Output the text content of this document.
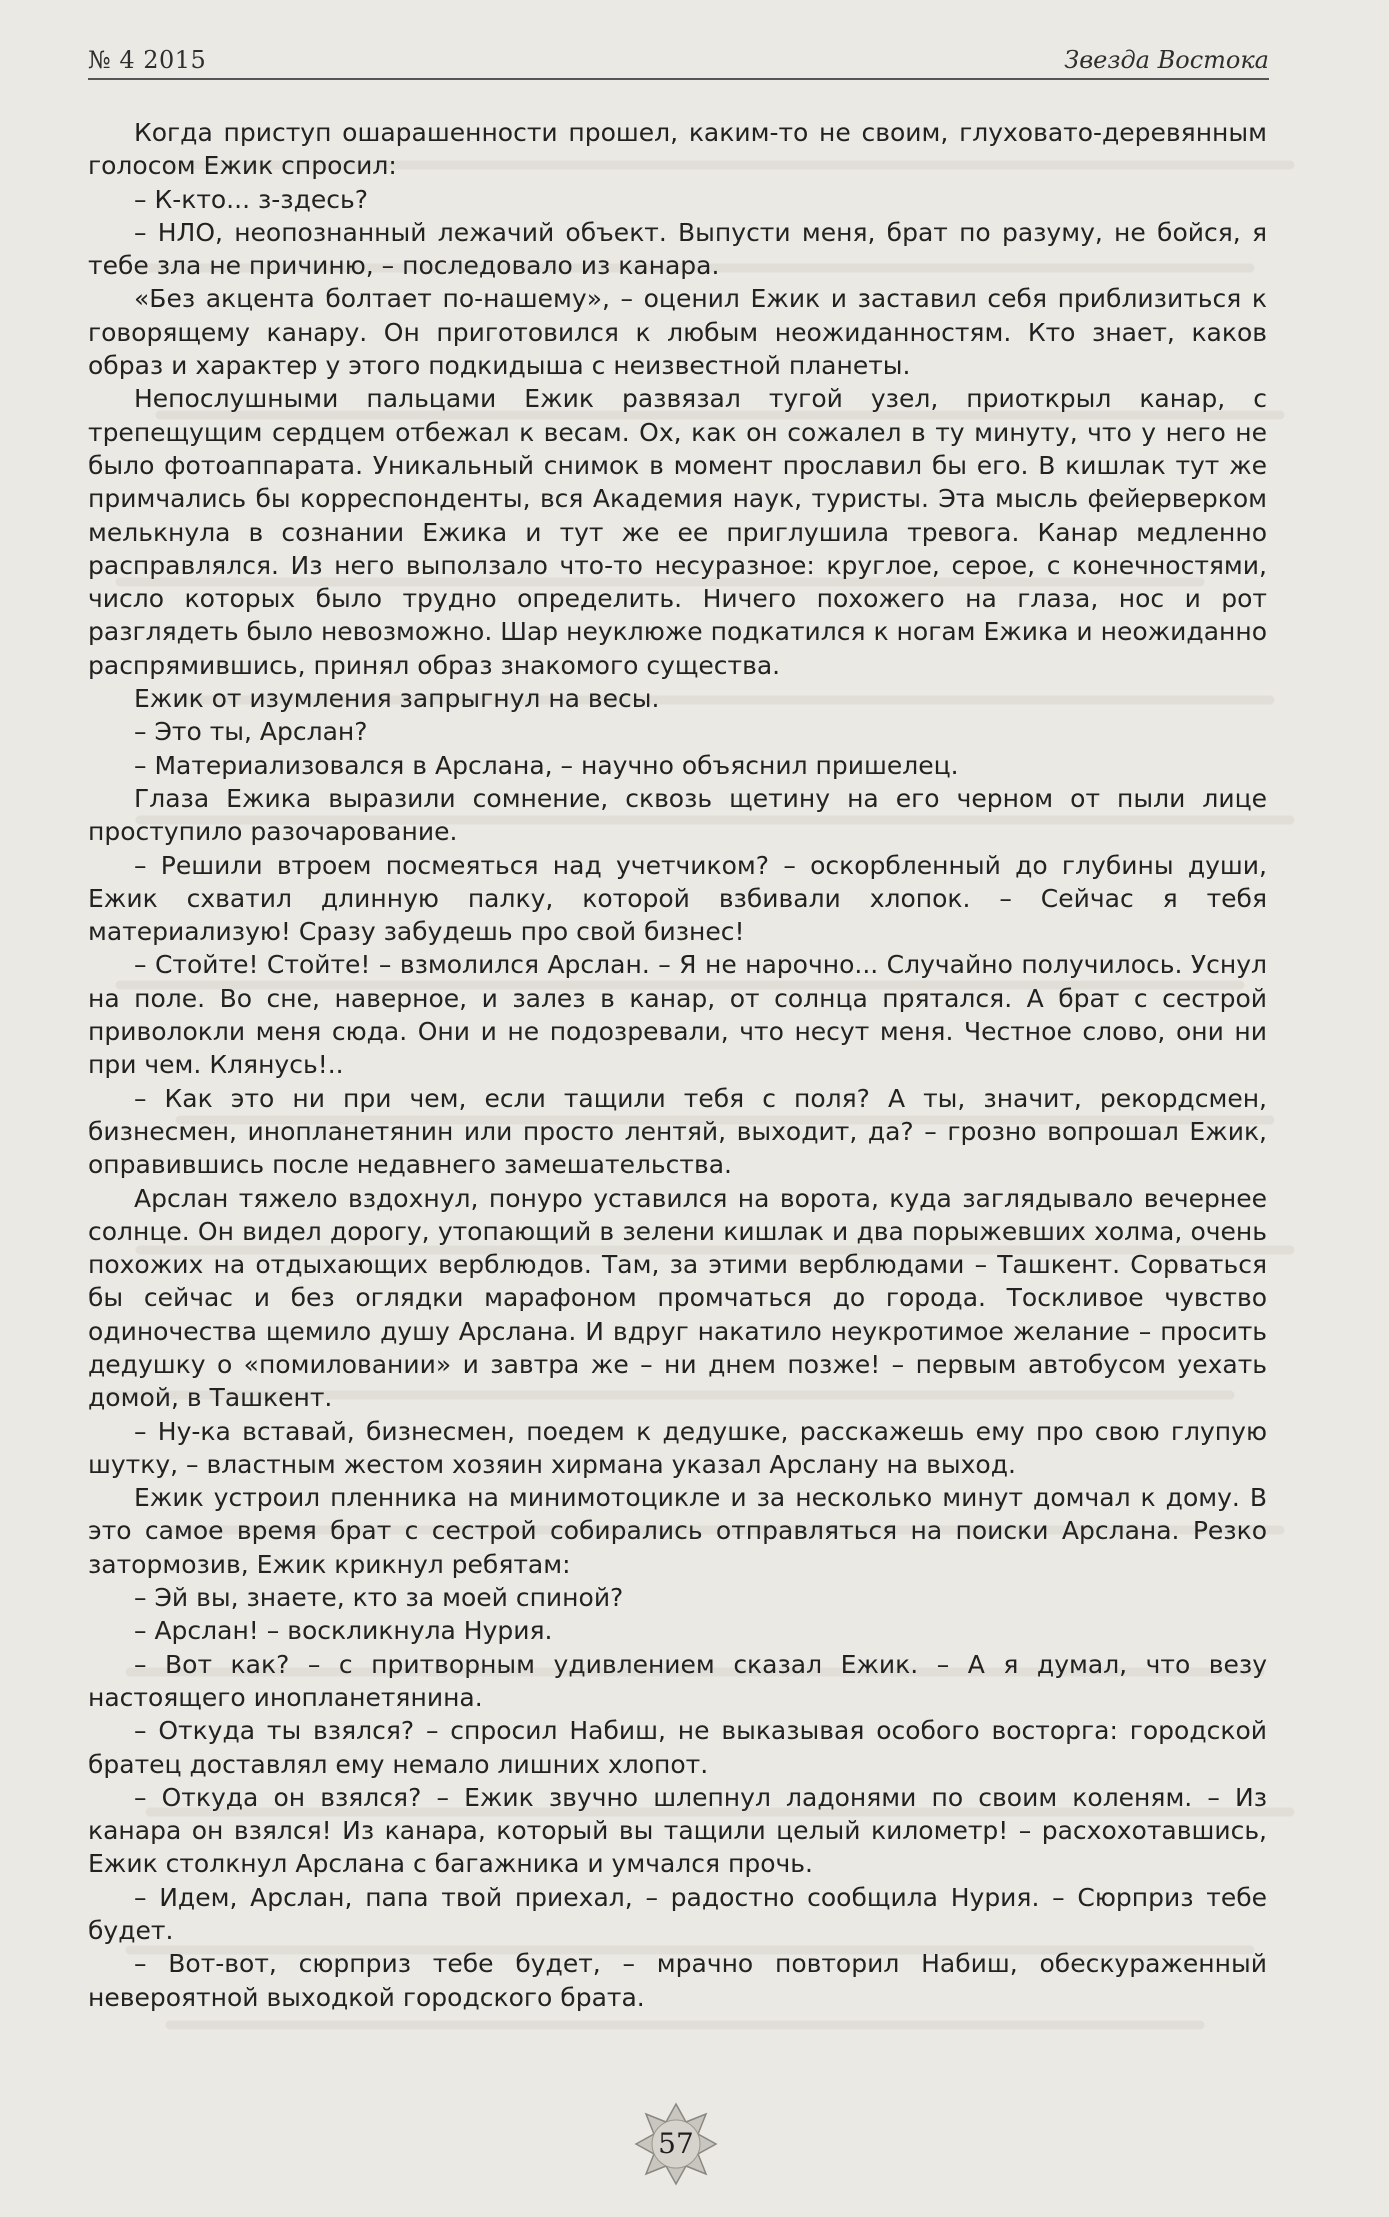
№ 4 2015	Звезда Востока

Когда приступ ошарашенности прошел, каким-то не своим, глуховато-деревянным голосом Ежик спросил:

– К-кто... з-здесь?

– НЛО, неопознанный лежачий объект. Выпусти меня, брат по разуму, не бойся, я тебе зла не причиню, – последовало из канара.

«Без акцента болтает по-нашему», – оценил Ежик и заставил себя приблизиться к говорящему канару. Он приготовился к любым неожиданностям. Кто знает, каков образ и характер у этого подкидыша с неизвестной планеты.

Непослушными пальцами Ежик развязал тугой узел, приоткрыл канар, с трепещущим сердцем отбежал к весам. Ох, как он сожалел в ту минуту, что у него не было фотоаппарата. Уникальный снимок в момент прославил бы его. В кишлак тут же примчались бы корреспонденты, вся Академия наук, туристы. Эта мысль фейерверком мелькнула в сознании Ежика и тут же ее приглушила тревога. Канар медленно расправлялся. Из него выползало что-то несуразное: круглое, серое, с конечностями, число которых было трудно определить. Ничего похожего на глаза, нос и рот разглядеть было невозможно. Шар неуклюже подкатился к ногам Ежика и неожиданно распрямившись, принял образ знакомого существа.

Ежик от изумления запрыгнул на весы.

– Это ты, Арслан?

– Материализовался в Арслана, – научно объяснил пришелец.

Глаза Ежика выразили сомнение, сквозь щетину на его черном от пыли лице проступило разочарование.

– Решили втроем посмеяться над учетчиком? – оскорбленный до глубины души, Ежик схватил длинную палку, которой взбивали хлопок. – Сейчас я тебя материализую! Сразу забудешь про свой бизнес!

– Стойте! Стойте! – взмолился Арслан. – Я не нарочно... Случайно получилось. Уснул на поле. Во сне, наверное, и залез в канар, от солнца прятался. А брат с сестрой приволокли меня сюда. Они и не подозревали, что несут меня. Честное слово, они ни при чем. Клянусь!..

– Как это ни при чем, если тащили тебя с поля? А ты, значит, рекордсмен, бизнесмен, инопланетянин или просто лентяй, выходит, да? – грозно вопрошал Ежик, оправившись после недавнего замешательства.

Арслан тяжело вздохнул, понуро уставился на ворота, куда заглядывало вечернее солнце. Он видел дорогу, утопающий в зелени кишлак и два порыжевших холма, очень похожих на отдыхающих верблюдов. Там, за этими верблюдами – Ташкент. Сорваться бы сейчас и без оглядки марафоном промчаться до города. Тоскливое чувство одиночества щемило душу Арслана. И вдруг накатило неукротимое желание – просить дедушку о «помиловании» и завтра же – ни днем позже! – первым автобусом уехать домой, в Ташкент.

– Ну-ка вставай, бизнесмен, поедем к дедушке, расскажешь ему про свою глупую шутку, – властным жестом хозяин хирмана указал Арслану на выход.

Ежик устроил пленника на минимотоцикле и за несколько минут домчал к дому. В это самое время брат с сестрой собирались отправляться на поиски Арслана. Резко затормозив, Ежик крикнул ребятам:

– Эй вы, знаете, кто за моей спиной?

– Арслан! – воскликнула Нурия.

– Вот как? – с притворным удивлением сказал Ежик. – А я думал, что везу настоящего инопланетянина.

– Откуда ты взялся? – спросил Набиш, не выказывая особого восторга: городской братец доставлял ему немало лишних хлопот.

– Откуда он взялся? – Ежик звучно шлепнул ладонями по своим коленям. – Из канара он взялся! Из канара, который вы тащили целый километр! – расхохотавшись, Ежик столкнул Арслана с багажника и умчался прочь.

– Идем, Арслан, папа твой приехал, – радостно сообщила Нурия. – Сюрприз тебе будет.

– Вот-вот, сюрприз тебе будет, – мрачно повторил Набиш, обескураженный невероятной выходкой городского брата.

57
